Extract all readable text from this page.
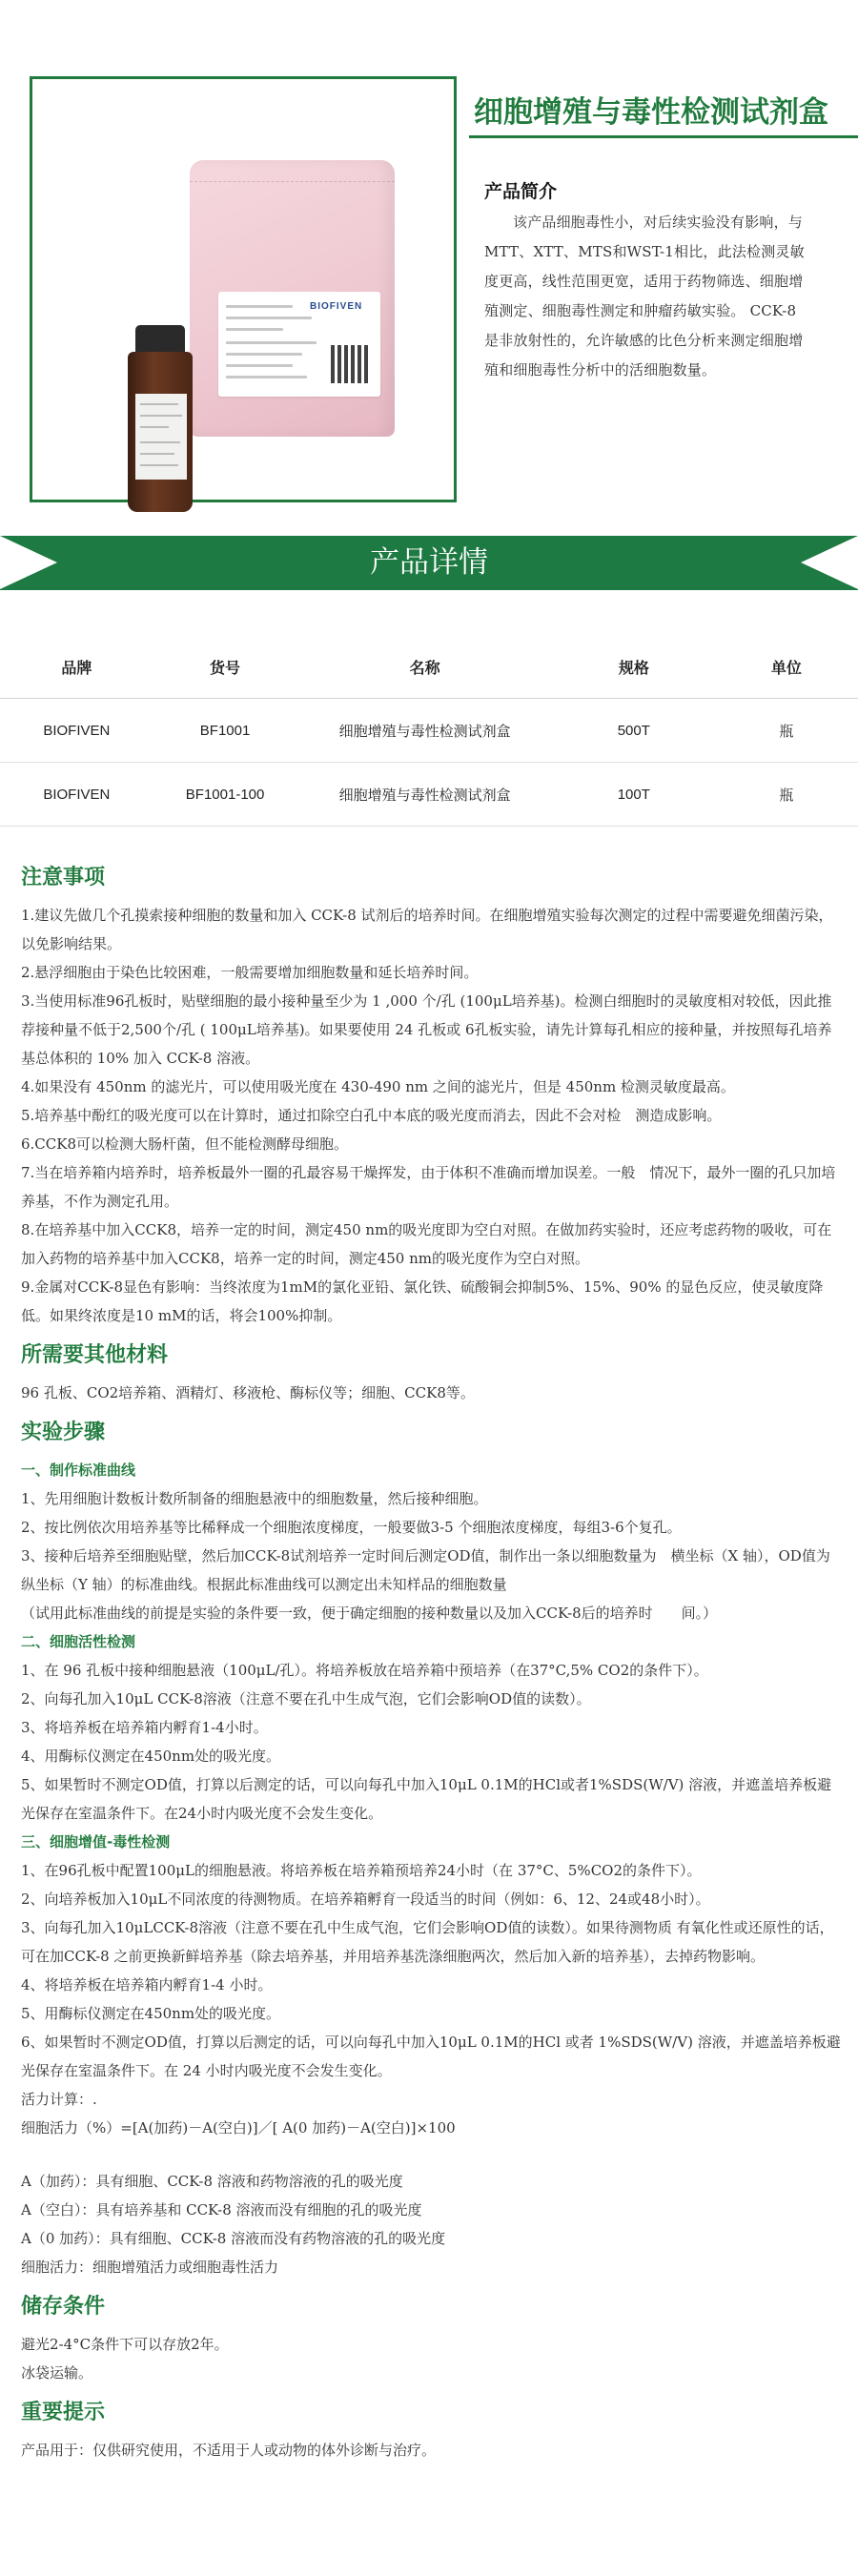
BIOFIVEN
细胞增殖与毒性检测试剂盒
产品简介
该产品细胞毒性小，对后续实验没有影响，与MTT、XTT、MTS和WST-1相比，此法检测灵敏度更高，线性范围更宽，适用于药物筛选、细胞增殖测定、细胞毒性测定和肿瘤药敏实验。 CCK-8是非放射性的，允许敏感的比色分析来测定细胞增殖和细胞毒性分析中的活细胞数量。
产品详情
品牌	货号	名称	规格	单位
BIOFIVEN	BF1001	细胞增殖与毒性检测试剂盒	500T	瓶
BIOFIVEN	BF1001-100	细胞增殖与毒性检测试剂盒	100T	瓶
注意事项

1.建议先做几个孔摸索接种细胞的数量和加入 CCK-8 试剂后的培养时间。在细胞增殖实验每次测定的过程中需要避免细菌污染，以免影响结果。

2.悬浮细胞由于染色比较困难，一般需要增加细胞数量和延长培养时间。

3.当使用标准96孔板时，贴壁细胞的最小接种量至少为 1 ,000 个/孔 (100μL培养基)。检测白细胞时的灵敏度相对较低，因此推荐接种量不低于2,500个/孔 ( 100μL培养基)。如果要使用 24 孔板或 6孔板实验，请先计算每孔相应的接种量，并按照每孔培养基总体积的 10% 加入 CCK-8 溶液。

4.如果没有 450nm 的滤光片，可以使用吸光度在 430-490 nm 之间的滤光片，但是 450nm 检测灵敏度最高。

5.培养基中酚红的吸光度可以在计算时，通过扣除空白孔中本底的吸光度而消去，因此不会对检　测造成影响。

6.CCK8可以检测大肠杆菌，但不能检测酵母细胞。

7.当在培养箱内培养时，培养板最外一圈的孔最容易干燥挥发，由于体积不准确而增加误差。一般　情况下，最外一圈的孔只加培养基，不作为测定孔用。

8.在培养基中加入CCK8，培养一定的时间，测定450 nm的吸光度即为空白对照。在做加药实验时，还应考虑药物的吸收，可在加入药物的培养基中加入CCK8，培养一定的时间，测定450 nm的吸光度作为空白对照。

9.金属对CCK-8显色有影响：当终浓度为1mM的氯化亚铅、氯化铁、硫酸铜会抑制5%、15%、90% 的显色反应，使灵敏度降低。如果终浓度是10 mM的话，将会100%抑制。

所需要其他材料

96 孔板、CO2培养箱、酒精灯、移液枪、酶标仪等；细胞、CCK8等。

实验步骤
一、制作标准曲线

1、先用细胞计数板计数所制备的细胞悬液中的细胞数量，然后接种细胞。

2、按比例依次用培养基等比稀释成一个细胞浓度梯度，一般要做3-5 个细胞浓度梯度，每组3-6个复孔。

3、接种后培养至细胞贴壁，然后加CCK-8试剂培养一定时间后测定OD值，制作出一条以细胞数量为　横坐标（X 轴），OD值为纵坐标（Y 轴）的标准曲线。根据此标准曲线可以测定出未知样品的细胞数量

（试用此标准曲线的前提是实验的条件要一致，便于确定细胞的接种数量以及加入CCK-8后的培养时　　间。）

二、细胞活性检测

1、在 96 孔板中接种细胞悬液（100μL/孔）。将培养板放在培养箱中预培养（在37°C,5% CO2的条件下）。

2、向每孔加入10μL CCK-8溶液（注意不要在孔中生成气泡，它们会影响OD值的读数）。

3、将培养板在培养箱内孵育1-4小时。

4、用酶标仪测定在450nm处的吸光度。

5、如果暂时不测定OD值，打算以后测定的话，可以向每孔中加入10μL 0.1M的HCl或者1%SDS(W/V) 溶液，并遮盖培养板避光保存在室温条件下。在24小时内吸光度不会发生变化。

三、细胞增值-毒性检测

1、在96孔板中配置100μL的细胞悬液。将培养板在培养箱预培养24小时（在 37°C、5%CO2的条件下）。

2、向培养板加入10μL不同浓度的待测物质。在培养箱孵育一段适当的时间（例如：6、12、24或48小时）。

3、向每孔加入10μLCCK-8溶液（注意不要在孔中生成气泡，它们会影响OD值的读数）。如果待测物质 有氧化性或还原性的话，可在加CCK-8 之前更换新鲜培养基（除去培养基，并用培养基洗涤细胞两次，然后加入新的培养基），去掉药物影响。

4、将培养板在培养箱内孵育1-4 小时。

5、用酶标仪测定在450nm处的吸光度。

6、如果暂时不测定OD值，打算以后测定的话，可以向每孔中加入10μL 0.1M的HCl 或者 1%SDS(W/V) 溶液，并遮盖培养板避光保存在室温条件下。在 24 小时内吸光度不会发生变化。

活力计算：.

细胞活力（%）=[A(加药)－A(空白)]／[ A(0 加药)－A(空白)]×100

A（加药）：具有细胞、CCK-8 溶液和药物溶液的孔的吸光度

A（空白）：具有培养基和 CCK-8 溶液而没有细胞的孔的吸光度

A（0 加药）：具有细胞、CCK-8 溶液而没有药物溶液的孔的吸光度

细胞活力：细胞增殖活力或细胞毒性活力

储存条件

避光2-4°C条件下可以存放2年。

冰袋运输。

重要提示

产品用于：仅供研究使用，不适用于人或动物的体外诊断与治疗。
